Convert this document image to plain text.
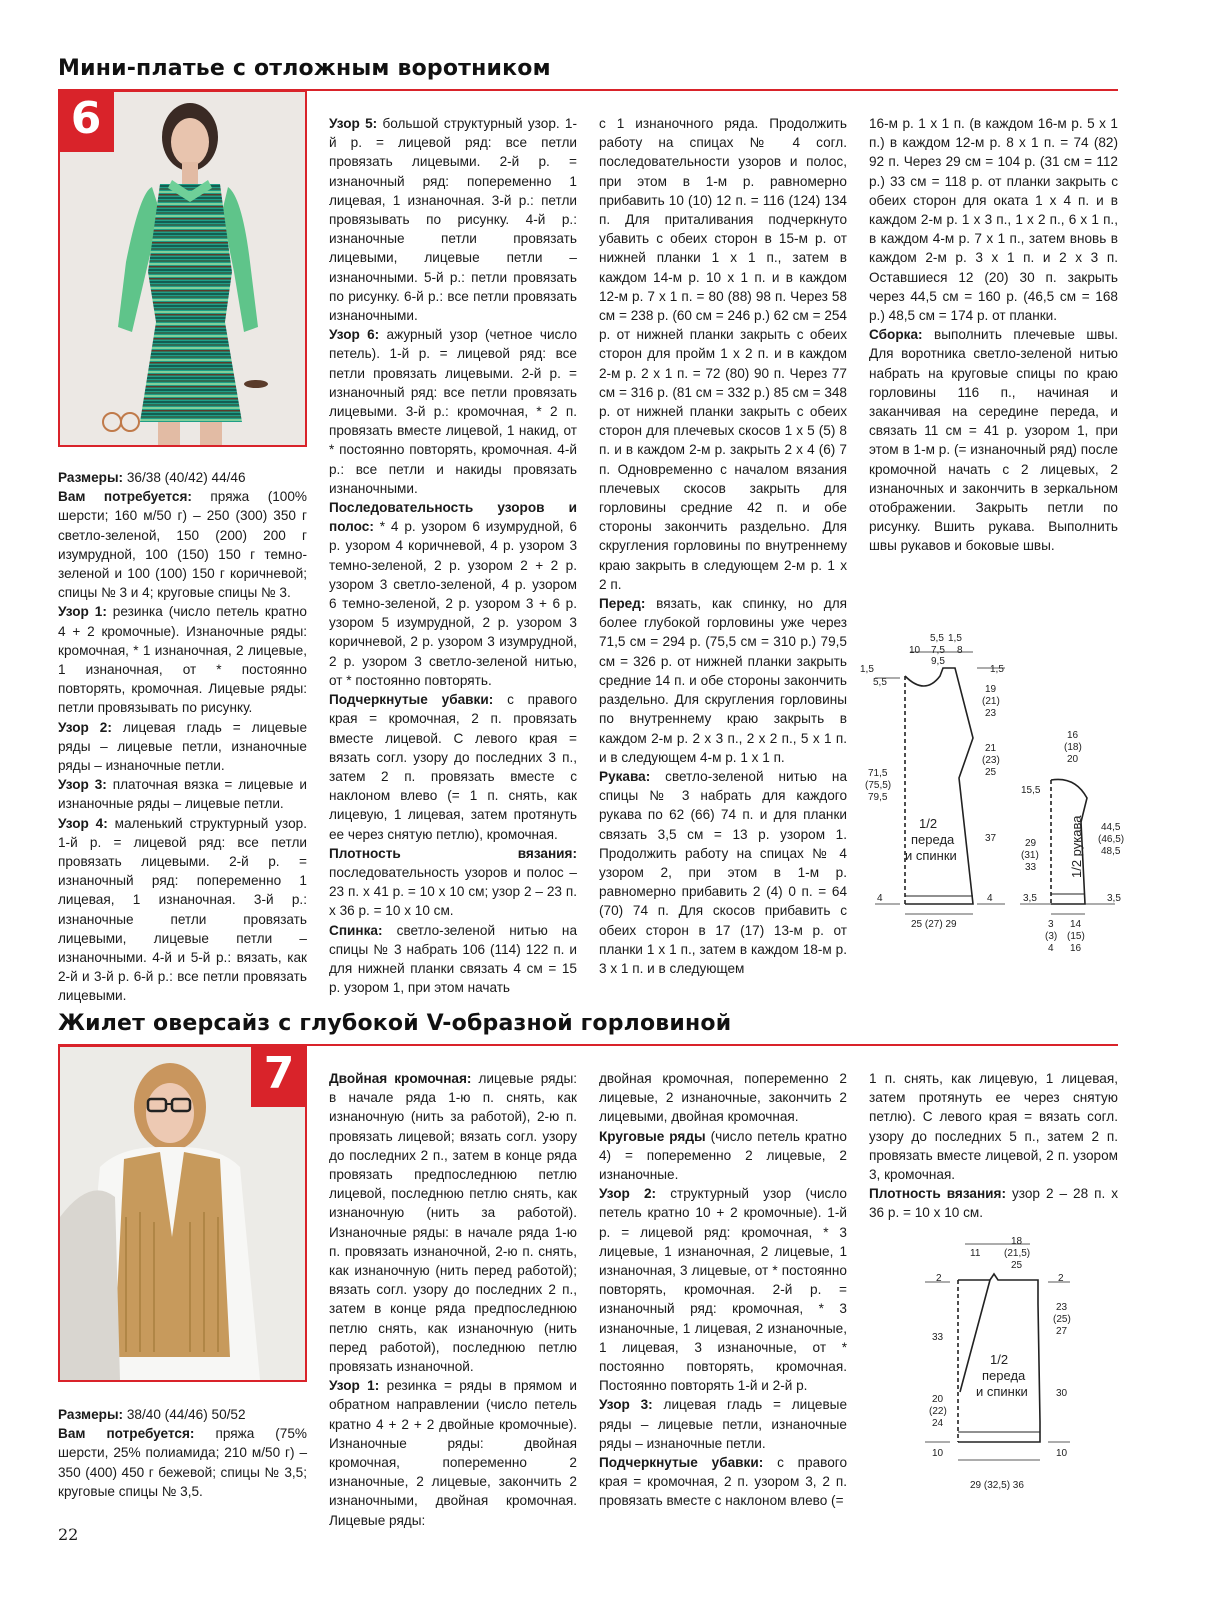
Мини-платье с отложным воротником
6

Размеры: 36/38 (40/42) 44/46

Вам потребуется: пряжа (100% шерсти; 160 м/50 г) – 250 (300) 350 г светло-зеленой, 150 (200) 200 г изумрудной, 100 (150) 150 г темно-зеленой и 100 (100) 150 г коричневой; спицы № 3 и 4; круговые спицы № 3.

Узор 1: резинка (число петель кратно 4 + 2 кромочные). Изнаночные ряды: кромочная, * 1 изнаночная, 2 лицевые, 1 изнаночная, от * постоянно повторять, кромочная. Лицевые ряды: петли провязывать по рисунку.

Узор 2: лицевая гладь = лицевые ряды – лицевые петли, изнаночные ряды – изнаночные петли.

Узор 3: платочная вязка = лицевые и изнаночные ряды – лицевые петли.

Узор 4: маленький структурный узор. 1-й р. = лицевой ряд: все петли провязать лицевыми. 2-й р. = изнаночный ряд: попеременно 1 лицевая, 1 изнаночная. 3-й р.: изнаночные петли провязать лицевыми, лицевые петли – изнаночными. 4-й и 5-й р.: вязать, как 2-й и 3-й р. 6-й р.: все петли провязать лицевыми.

Узор 5: большой структурный узор. 1-й р. = лицевой ряд: все петли провязать лицевыми. 2-й р. = изнаночный ряд: попеременно 1 лицевая, 1 изнаночная. 3-й р.: петли провязывать по рисунку. 4-й р.: изнаночные петли провязать лицевыми, лицевые петли – изнаночными. 5-й р.: петли провязать по рисунку. 6-й р.: все петли провязать изнаночными.

Узор 6: ажурный узор (четное число петель). 1-й р. = лицевой ряд: все петли провязать лицевыми. 2-й р. = изнаночный ряд: все петли провязать лицевыми. 3-й р.: кромочная, * 2 п. провязать вместе лицевой, 1 накид, от * постоянно повторять, кромочная. 4-й р.: все петли и накиды провязать изнаночными.

Последовательность узоров и полос: * 4 р. узором 6 изумрудной, 6 р. узором 4 коричневой, 4 р. узором 3 темно-зеленой, 2 р. узором 2 + 2 р. узором 3 светло-зеленой, 4 р. узором 6 темно-зеленой, 2 р. узором 3 + 6 р. узором 5 изумрудной, 2 р. узором 3 коричневой, 2 р. узором 3 изумрудной, 2 р. узором 3 светло-зеленой нитью, от * постоянно повторять.

Подчеркнутые убавки: с правого края = кромочная, 2 п. провязать вместе лицевой. С левого края = вязать согл. узору до последних 3 п., затем 2 п. провязать вместе с наклоном влево (= 1 п. снять, как лицевую, 1 лицевая, затем протянуть ее через снятую петлю), кромочная.

Плотность вязания: последовательность узоров и полос – 23 п. х 41 р. = 10 х 10 см; узор 2 – 23 п. х 36 р. = 10 х 10 см.

Спинка: светло-зеленой нитью на спицы № 3 набрать 106 (114) 122 п. и для нижней планки связать 4 см = 15 р. узором 1, при этом начать

с 1 изнаночного ряда. Продолжить работу на спицах № 4 согл. последовательности узоров и полос, при этом в 1-м р. равномерно прибавить 10 (10) 12 п. = 116 (124) 134 п. Для приталивания подчеркнуто убавить с обеих сторон в 15-м р. от нижней планки 1 х 1 п., затем в каждом 14-м р. 10 х 1 п. и в каждом 12-м р. 7 х 1 п. = 80 (88) 98 п. Через 58 см = 238 р. (60 см = 246 р.) 62 см = 254 р. от нижней планки закрыть с обеих сторон для пройм 1 х 2 п. и в каждом 2-м р. 2 х 1 п. = 72 (80) 90 п. Через 77 см = 316 р. (81 см = 332 р.) 85 см = 348 р. от нижней планки закрыть с обеих сторон для плечевых скосов 1 х 5 (5) 8 п. и в каждом 2-м р. закрыть 2 х 4 (6) 7 п. Одновременно с началом вязания плечевых скосов закрыть для горловины средние 42 п. и обе стороны закончить раздельно. Для скругления горловины по внутреннему краю закрыть в следующем 2-м р. 1 х 2 п.

Перед: вязать, как спинку, но для более глубокой горловины уже через 71,5 см = 294 р. (75,5 см = 310 р.) 79,5 см = 326 р. от нижней планки закрыть средние 14 п. и обе стороны закончить раздельно. Для скругления горловины по внутреннему краю закрыть в каждом 2-м р. 2 х 3 п., 2 х 2 п., 5 х 1 п. и в следующем 4-м р. 1 х 1 п.

Рукава: светло-зеленой нитью на спицы № 3 набрать для каждого рукава по 62 (66) 74 п. и для планки связать 3,5 см = 13 р. узором 1. Продолжить работу на спицах № 4 узором 2, при этом в 1-м р. равномерно прибавить 2 (4) 0 п. = 64 (70) 74 п. Для скосов прибавить с обеих сторон в 17 (17) 13-м р. от планки 1 х 1 п., затем в каждом 18-м р. 3 х 1 п. и в следующем

16-м р. 1 х 1 п. (в каждом 16-м р. 5 х 1 п.) в каждом 12-м р. 8 х 1 п. = 74 (82) 92 п. Через 29 см = 104 р. (31 см = 112 р.) 33 см = 118 р. от планки закрыть с обеих сторон для оката 1 х 4 п. и в каждом 2-м р. 1 х 3 п., 1 х 2 п., 6 х 1 п., в каждом 4-м р. 7 х 1 п., затем вновь в каждом 2-м р. 3 х 1 п. и 2 х 3 п. Оставшиеся 12 (20) 30 п. закрыть через 44,5 см = 160 р. (46,5 см = 168 р.) 48,5 см = 174 р. от планки.

Сборка: выполнить плечевые швы. Для воротника светло-зеленой нитью набрать на круговые спицы по краю горловины 116 п., начиная и заканчивая на середине переда, и связать 11 см = 41 р. узором 1, при этом в 1-м р. (= изнаночный ряд) после кромочной начать с 2 лицевых, 2 изнаночных и закончить в зеркальном отображении. Закрыть петли по рисунку. Вшить рукава. Выполнить швы рукавов и боковые швы.

5,5 1,5
10 7,5 8
9,5
1,5
5,5
1,5
19
(21)
23
21
(23)
25
71,5
(75,5)
79,5
37
4	4
25 (27) 29
1/2
переда
и спинки
16
(18)
20
15,5
29
(31)
33
44,5
(46,5)
48,5
3,5	3,5
14
(15)
16
3
(3)
4
1/2 рукава
Жилет оверсайз с глубокой V-образной горловиной
7

Размеры: 38/40 (44/46) 50/52

Вам потребуется: пряжа (75% шерсти, 25% полиамида; 210 м/50 г) – 350 (400) 450 г бежевой; спицы № 3,5; круговые спицы № 3,5.

Двойная кромочная: лицевые ряды: в начале ряда 1-ю п. снять, как изнаночную (нить за работой), 2-ю п. провязать лицевой; вязать согл. узору до последних 2 п., затем в конце ряда провязать предпоследнюю петлю лицевой, последнюю петлю снять, как изнаночную (нить за работой). Изнаночные ряды: в начале ряда 1-ю п. провязать изнаночной, 2-ю п. снять, как изнаночную (нить перед работой); вязать согл. узору до последних 2 п., затем в конце ряда предпоследнюю петлю снять, как изнаночную (нить перед работой), последнюю петлю провязать изнаночной.

Узор 1: резинка = ряды в прямом и обратном направлении (число петель кратно 4 + 2 + 2 двойные кромочные). Изнаночные ряды: двойная кромочная, попеременно 2 изнаночные, 2 лицевые, закончить 2 изнаночными, двойная кромочная. Лицевые ряды:

двойная кромочная, попеременно 2 лицевые, 2 изнаночные, закончить 2 лицевыми, двойная кромочная.

Круговые ряды (число петель кратно 4) = попеременно 2 лицевые, 2 изнаночные.

Узор 2: структурный узор (число петель кратно 10 + 2 кромочные). 1-й р. = лицевой ряд: кромочная, * 3 лицевые, 1 изнаночная, 2 лицевые, 1 изнаночная, 3 лицевые, от * постоянно повторять, кромочная. 2-й р. = изнаночный ряд: кромочная, * 3 изнаночные, 1 лицевая, 2 изнаночные, 1 лицевая, 3 изнаночные, от * постоянно повторять, кромочная. Постоянно повторять 1-й и 2-й р.

Узор 3: лицевая гладь = лицевые ряды – лицевые петли, изнаночные ряды – изнаночные петли.

Подчеркнутые убавки: с правого края = кромочная, 2 п. узором 3, 2 п. провязать вместе с наклоном влево (=

1 п. снять, как лицевую, 1 лицевая, затем протянуть ее через снятую петлю). С левого края = вязать согл. узору до последних 5 п., затем 2 п. провязать вместе лицевой, 2 п. узором 3, кромочная.

Плотность вязания: узор 2 – 28 п. х 36 р. = 10 х 10 см.

11
18
(21,5)
25
2	2
23
(25)
27
33
30
20
(22)
24
10	10
29 (32,5) 36
1/2
переда
и спинки
22
